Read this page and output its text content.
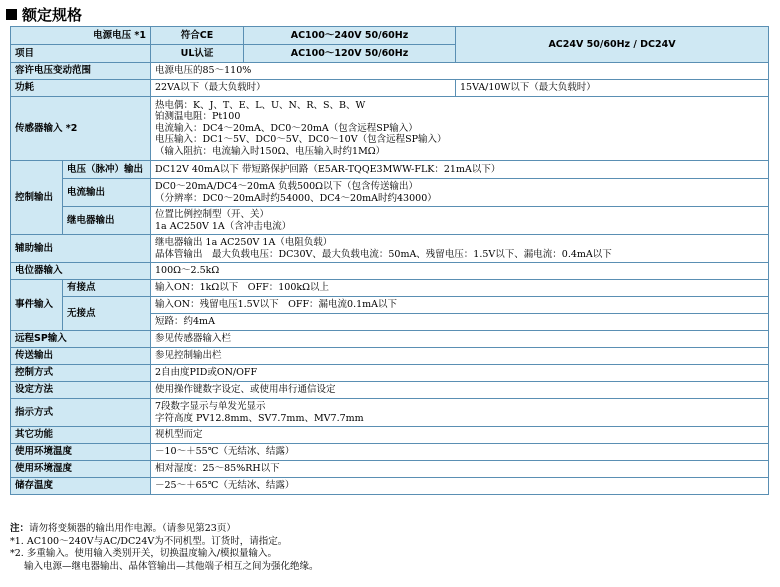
额定规格
电源电压 *1		符合CE	AC100～240V 50/60Hz	AC24V 50/60Hz / DC24V
项目		UL认证	AC100～120V 50/60Hz	
容许电压变动范围		电源电压的85～110%		
功耗		22VA以下（最大负载时）		15VA/10W以下（最大负载时）
传感器输入 *2		热电偶：K、J、T、E、L、U、N、R、S、B、W
铂测温电阻：Pt100
电流输入：DC4～20mA、DC0～20mA（包含远程SP输入）
电压输入：DC1～5V、DC0～5V、DC0～10V（包含远程SP输入）
（输入阻抗：电流输入时150Ω、电压输入时约1MΩ）		

控制输出	电压（脉冲）输出	DC12V 40mA以下 带短路保护回路（E5AR-TQQE3MWW-FLK：21mA以下）		
	电流输出	DC0～20mA/DC4～20mA 负载500Ω以下（包含传送输出）
（分辨率：DC0～20mA时约54000、DC4～20mA时约43000）		

	继电器输出	位置比例控制型（开、关）
1a AC250V 1A（含冲击电流）		

辅助输出		继电器输出 1a AC250V 1A（电阻负载）
晶体管输出　最大负载电压：DC30V、最大负载电流：50mA、残留电压：1.5V以下、漏电流：0.4mA以下		

电位器输入		100Ω～2.5kΩ		
事件输入	有接点	输入ON：1kΩ以下　OFF：100kΩ以上		
	无接点	输入ON：残留电压1.5V以下　OFF：漏电流0.1mA以下		
		短路：约4mA		
远程SP输入		参见传感器输入栏		
传送输出		参见控制输出栏		
控制方式		2自由度PID或ON/OFF		
设定方法		使用操作键数字设定、或使用串行通信设定		
指示方式		7段数字显示与单发光显示
字符高度 PV12.8mm、SV7.7mm、MV7.7mm		

其它功能		视机型而定		
使用环境温度		－10～＋55℃（无结冰、结露）		
使用环境湿度		相对湿度：25～85%RH以下		
储存温度		－25～＋65℃（无结冰、结露）		
注：请勿将变频器的输出用作电源。（请参见第23页）
*1. AC100～240V与AC/DC24V为不同机型。订货时，请指定。
*2. 多重输入。使用输入类别开关，切换温度输入/模拟量输入。
输入电源—继电器输出、晶体管输出—其他端子相互之间为强化绝缘。
